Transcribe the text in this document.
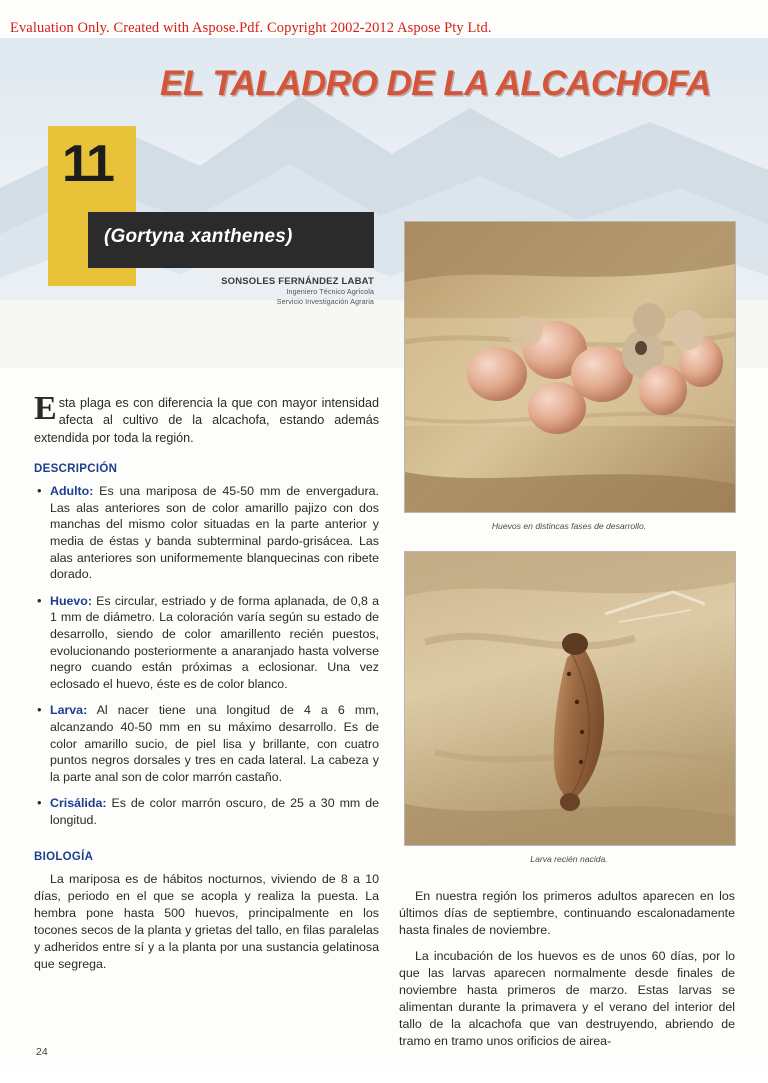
Evaluation Only. Created with Aspose.Pdf. Copyright 2002-2012 Aspose Pty Ltd.
EL TALADRO DE LA ALCACHOFA
11
(Gortyna xanthenes)
SONSOLES FERNÁNDEZ LABAT
Ingeniero Técnico Agrícola
Servicio Investigación Agraria
Huevos en distincas fases de desarrollo.
Larva recién nacida.
Esta plaga es con diferencia la que con mayor intensidad afecta al cultivo de la alcachofa, estando además extendida por toda la región.
DESCRIPCIÓN
• Adulto: Es una mariposa de 45-50 mm de envergadura. Las alas anteriores son de color amarillo pajizo con dos manchas del mismo color situadas en la parte anterior y media de éstas y banda subterminal pardo-grisácea. Las alas anteriores son uniformemente blanquecinas con ribete dorado.
• Huevo: Es circular, estriado y de forma aplanada, de 0,8 a 1 mm de diámetro. La coloración varía según su estado de desarrollo, siendo de color amarillento recién puestos, evolucionando posteriormente a anaranjado hasta volverse negro cuando están próximas a eclosionar. Una vez eclosado el huevo, éste es de color blanco.
• Larva: Al nacer tiene una longitud de 4 a 6 mm, alcanzando 40-50 mm en su máximo desarrollo. Es de color amarillo sucio, de piel lisa y brillante, con cuatro puntos negros dorsales y tres en cada lateral. La cabeza y la parte anal son de color marrón castaño.
• Crisálida: Es de color marrón oscuro, de 25 a 30 mm de longitud.
BIOLOGÍA

La mariposa es de hábitos nocturnos, viviendo de 8 a 10 días, periodo en el que se acopla y realiza la puesta. La hembra pone hasta 500 huevos, principalmente en los tocones secos de la planta y grietas del tallo, en filas paralelas y adheridos entre sí y a la planta por una sustancia gelatinosa que segrega.

En nuestra región los primeros adultos aparecen en los últimos días de septiembre, continuando escalonadamente hasta finales de noviembre.

La incubación de los huevos es de unos 60 días, por lo que las larvas aparecen normalmente desde finales de noviembre hasta primeros de marzo. Estas larvas se alimentan durante la primavera y el verano del interior del tallo de la alcachofa que van destruyendo, abriendo de tramo en tramo unos orificios de airea-

24
